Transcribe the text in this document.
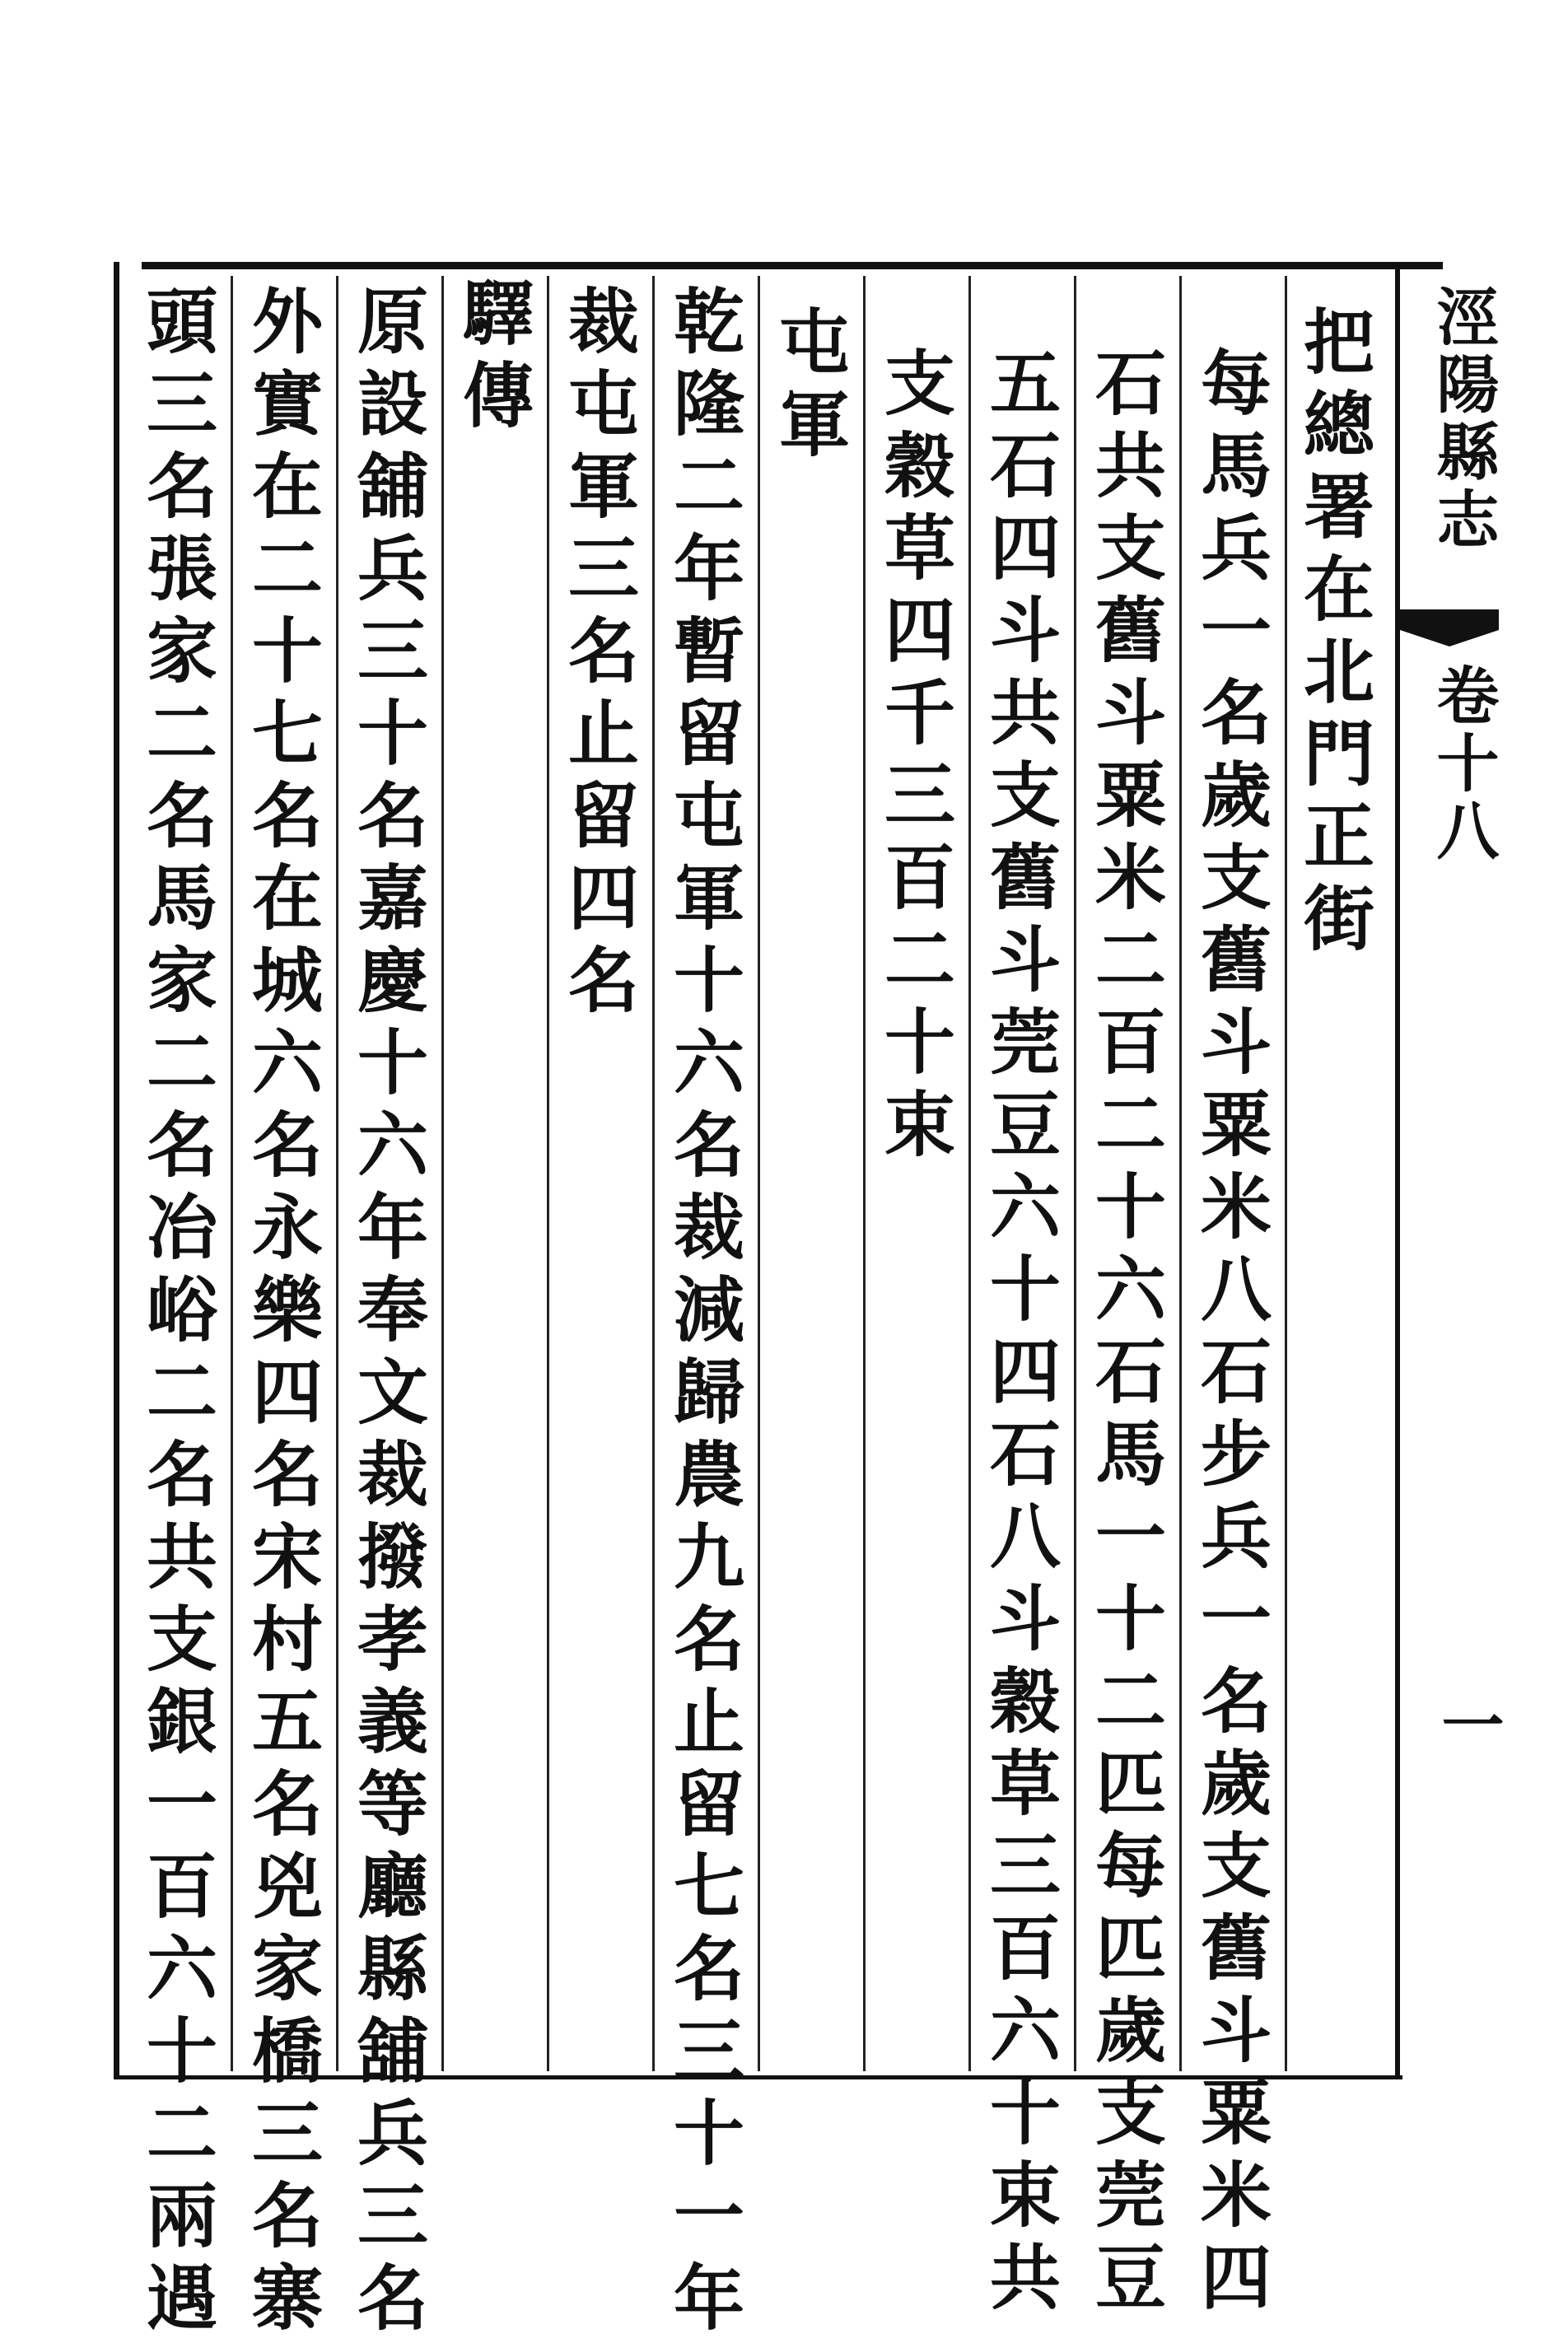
把總署在北門正街
每馬兵一名歲支舊斗粟米八石步兵一名歲支舊斗粟米四
石共支舊斗粟米二百二十六石馬一十二匹每匹歲支莞豆
五石四斗共支舊斗莞豆六十四石八斗穀草三百六十束共
支穀草四千三百二十束
屯軍
乾隆二年暫留屯軍十六名裁減歸農九名止留七名三十一年
裁屯軍三名止留四名
驛傳
原設舖兵三十名嘉慶十六年奉文裁撥孝義等廳縣舖兵三名
外實在二十七名在城六名永樂四名宋村五名兇家橋三名寨
頭三名張家二名馬家二名冶峪二名共支銀一百六十二兩遇	涇陽縣志
卷十八
一
